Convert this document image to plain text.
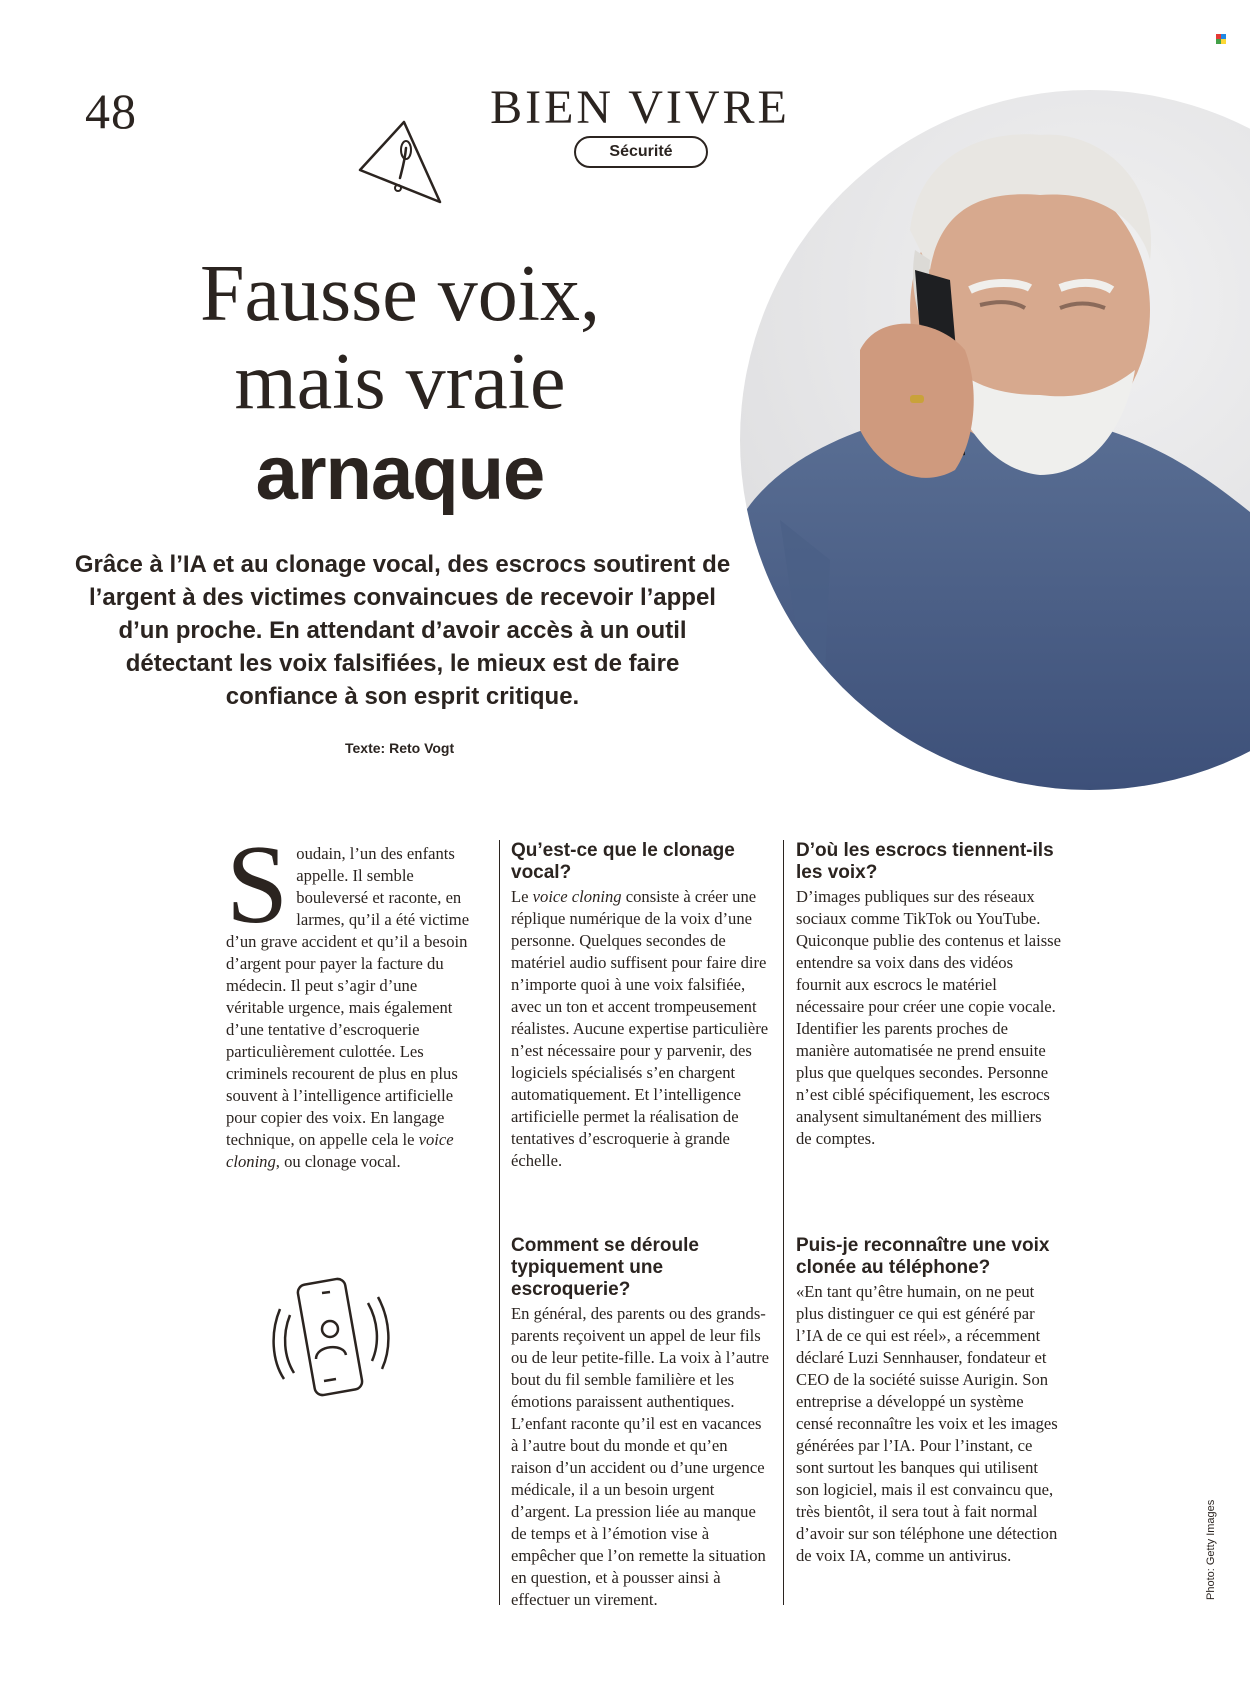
48	BIEN VIVRE
Sécurité
Fausse voix,
mais vraie
arnaque
Grâce à l’IA et au clonage vocal, des escrocs soutirent de l’argent à des victimes convaincues de recevoir l’appel d’un proche. En attendant d’avoir accès à un outil détectant les voix falsifiées, le mieux est de faire confiance à son esprit critique.
Texte: Reto Vogt
Soudain, l’un des enfants appelle. Il semble bouleversé et raconte, en larmes, qu’il a été victime d’un grave accident et qu’il a besoin d’argent pour payer la facture du médecin. Il peut s’agir d’une véritable urgence, mais également d’une tentative d’escroquerie particulièrement culottée. Les criminels recourent de plus en plus souvent à l’intelligence artificielle pour copier des voix. En langage technique, on appelle cela le voice cloning, ou clonage vocal.
Qu’est-ce que le clonage vocal?
Le voice cloning consiste à créer une réplique numérique de la voix d’une personne. Quelques secondes de matériel audio suffisent pour faire dire n’importe quoi à une voix falsifiée, avec un ton et accent trompeusement réalistes. Aucune expertise particulière n’est nécessaire pour y parvenir, des logiciels spécialisés s’en chargent automatiquement. Et l’intelligence artificielle permet la réalisation de tentatives d’escroquerie à grande échelle.
D’où les escrocs tiennent-ils les voix?
D’images publiques sur des réseaux sociaux comme TikTok ou YouTube. Quiconque publie des contenus et laisse entendre sa voix dans des vidéos fournit aux escrocs le matériel nécessaire pour créer une copie vocale. Identifier les parents proches de manière automatisée ne prend ensuite plus que quelques secondes. Personne n’est ciblé spécifiquement, les escrocs analysent simultanément des milliers de comptes.
Comment se déroule typiquement une escroquerie?
En général, des parents ou des grands-parents reçoivent un appel de leur fils ou de leur petite-fille. La voix à l’autre bout du fil semble familière et les émotions paraissent authentiques. L’enfant raconte qu’il est en vacances à l’autre bout du monde et qu’en raison d’un accident ou d’une urgence médicale, il a un besoin urgent d’argent. La pression liée au manque de temps et à l’émotion vise à empêcher que l’on remette la situation en question, et à pousser ainsi à effectuer un virement.
Puis-je reconnaître une voix clonée au téléphone?
«En tant qu’être humain, on ne peut plus distinguer ce qui est généré par l’IA de ce qui est réel», a récemment déclaré Luzi Sennhauser, fondateur et CEO de la société suisse Aurigin. Son entreprise a développé un système censé reconnaître les voix et les images générées par l’IA. Pour l’instant, ce sont surtout les banques qui utilisent son logiciel, mais il est convaincu que, très bientôt, il sera tout à fait normal d’avoir sur son téléphone une détection de voix IA, comme un antivirus.	Photo: Getty Images
